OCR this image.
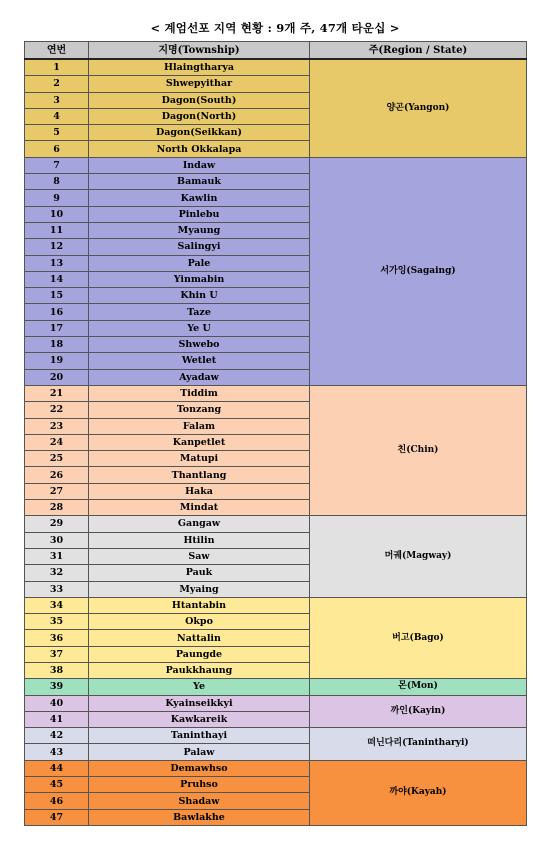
< 계엄선포 지역 현황 : 9개 주, 47개 타운십 >
연번	지명(Township)	주(Region / State)
1	Hlaingtharya	양곤(Yangon)
2	Shwepyithar	
3	Dagon(South)	
4	Dagon(North)	
5	Dagon(Seikkan)	
6	North Okkalapa	
7	Indaw	서가잉(Sagaing)
8	Bamauk	
9	Kawlin	
10	Pinlebu	
11	Myaung	
12	Salingyi	
13	Pale	
14	Yinmabin	
15	Khin U	
16	Taze	
17	Ye U	
18	Shwebo	
19	Wetlet	
20	Ayadaw	
21	Tiddim	친(Chin)
22	Tonzang	
23	Falam	
24	Kanpetlet	
25	Matupi	
26	Thantlang	
27	Haka	
28	Mindat	
29	Gangaw	머궤(Magway)
30	Htilin	
31	Saw	
32	Pauk	
33	Myaing	
34	Htantabin	버고(Bago)
35	Okpo	
36	Nattalin	
37	Paungde	
38	Paukkhaung	
39	Ye	몬(Mon)
40	Kyainseikkyi	까인(Kayin)
41	Kawkareik	
42	Taninthayi	떠닌다리(Tanintharyi)
43	Palaw	
44	Demawhso	까야(Kayah)
45	Pruhso	
46	Shadaw	
47	Bawlakhe	
